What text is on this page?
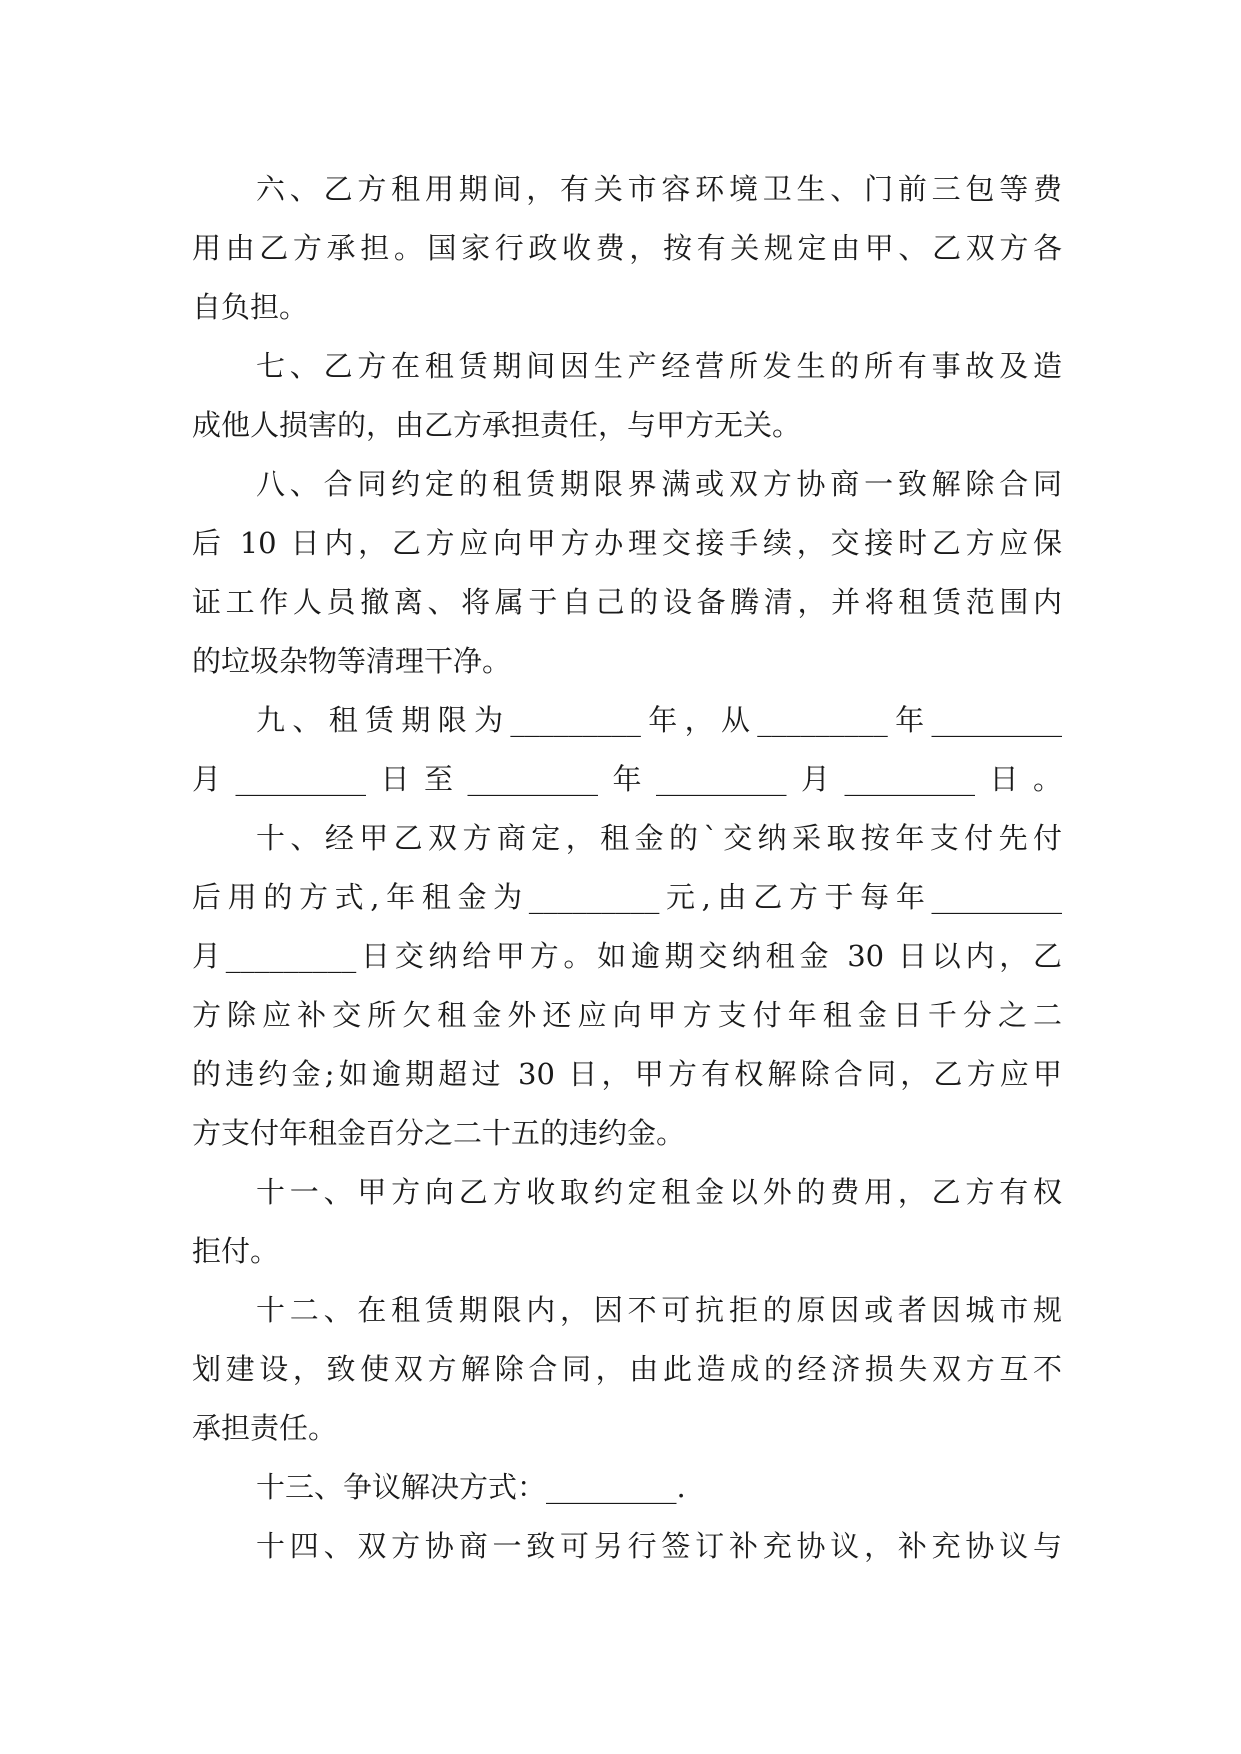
六、乙方租用期间，有关市容环境卫生、门前三包等费
用由乙方承担。国家行政收费，按有关规定由甲、乙双方各
自负担。
七、乙方在租赁期间因生产经营所发生的所有事故及造
成他人损害的，由乙方承担责任，与甲方无关。
八、合同约定的租赁期限界满或双方协商一致解除合同
后 10 日内，乙方应向甲方办理交接手续，交接时乙方应保
证工作人员撤离、将属于自己的设备腾清，并将租赁范围内
的垃圾杂物等清理干净。
九、租赁期限为_________年，从_________年_________
月_________日至_________年_________月_________日。
十、经甲乙双方商定，租金的`交纳采取按年支付先付
后用的方式,年租金为_________元,由乙方于每年_________
月_________日交纳给甲方。如逾期交纳租金 30 日以内，乙
方除应补交所欠租金外还应向甲方支付年租金日千分之二
的违约金;如逾期超过 30 日，甲方有权解除合同，乙方应甲
方支付年租金百分之二十五的违约金。
十一、甲方向乙方收取约定租金以外的费用，乙方有权
拒付。
十二、在租赁期限内，因不可抗拒的原因或者因城市规
划建设，致使双方解除合同，由此造成的经济损失双方互不
承担责任。
十三、争议解决方式：_________.
十四、双方协商一致可另行签订补充协议，补充协议与
